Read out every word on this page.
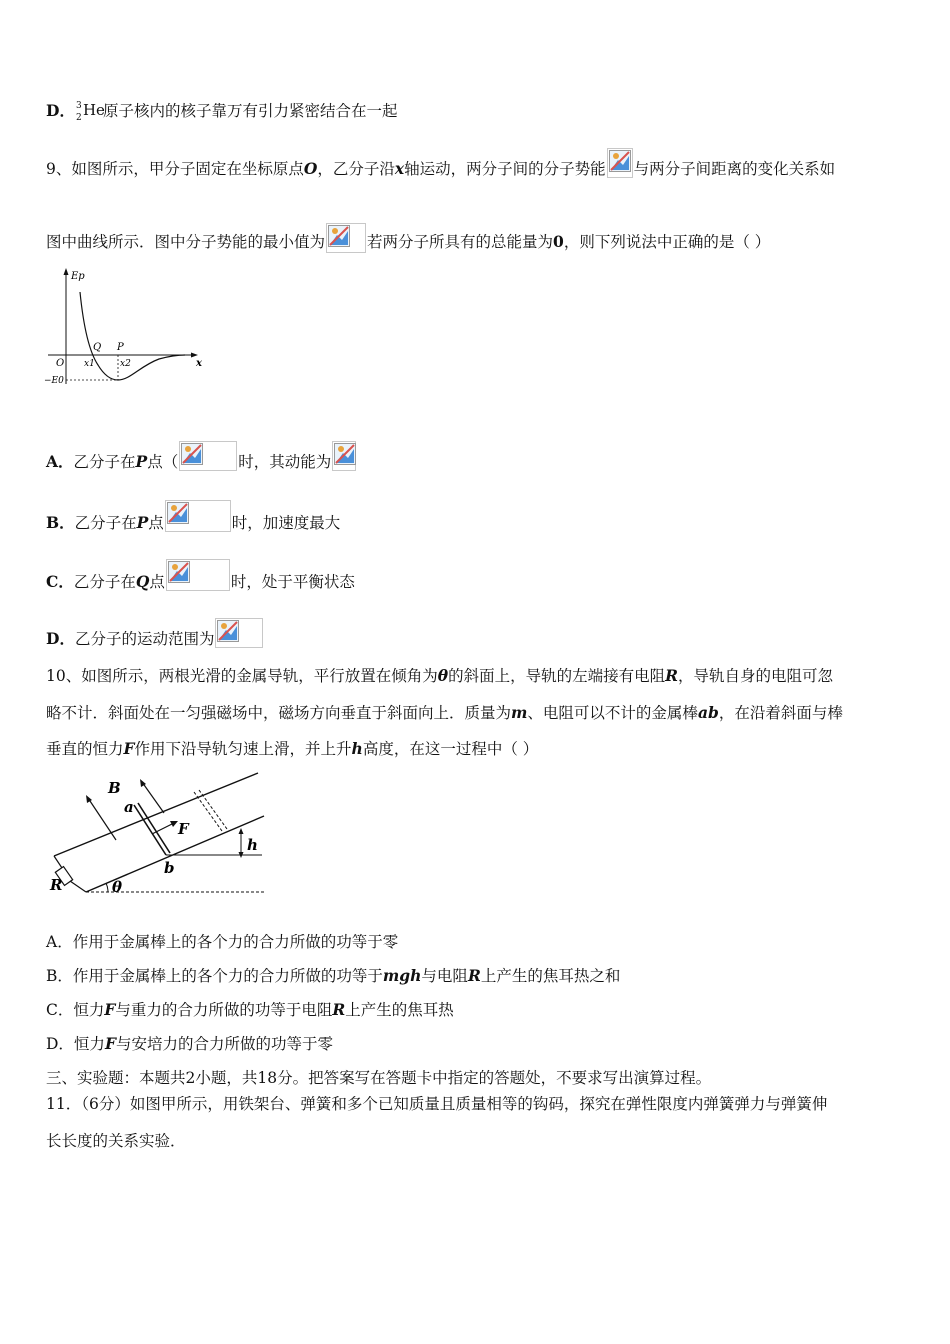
D． 3
2 He
原子核内的核子靠万有引力紧密结合在一起
9、如图所示，甲分子固定在坐标原点O，乙分子沿x轴运动，两分子间的分子势能 与两分子间距离的变化关系如
图中曲线所示．图中分子势能的最小值为	若两分子所具有的总能量为0，则下列说法中正确的是（ ）
Ep
O	x
Q P
x1	x2
−E0
A．乙分子在P点（	时，其动能为
B．乙分子在P点	时，加速度最大
C．乙分子在Q点	时，处于平衡状态
D．乙分子的运动范围为
10、如图所示，两根光滑的金属导轨，平行放置在倾角为θ的斜面上，导轨的左端接有电阻R，导轨自身的电阻可忽
略不计．斜面处在一匀强磁场中，磁场方向垂直于斜面向上．质量为m、电阻可以不计的金属棒ab，在沿着斜面与棒
垂直的恒力F作用下沿导轨匀速上滑，并上升h高度，在这一过程中（ ）
B
a
F
b
h
R	θ
A．作用于金属棒上的各个力的合力所做的功等于零
B．作用于金属棒上的各个力的合力所做的功等于mgh与电阻R上产生的焦耳热之和
C．恒力F与重力的合力所做的功等于电阻R上产生的焦耳热
D．恒力F与安培力的合力所做的功等于零
三、实验题：本题共2小题，共18分。把答案写在答题卡中指定的答题处，不要求写出演算过程。
11．（6分）如图甲所示，用铁架台、弹簧和多个已知质量且质量相等的钩码，探究在弹性限度内弹簧弹力与弹簧伸
长长度的关系实验．
